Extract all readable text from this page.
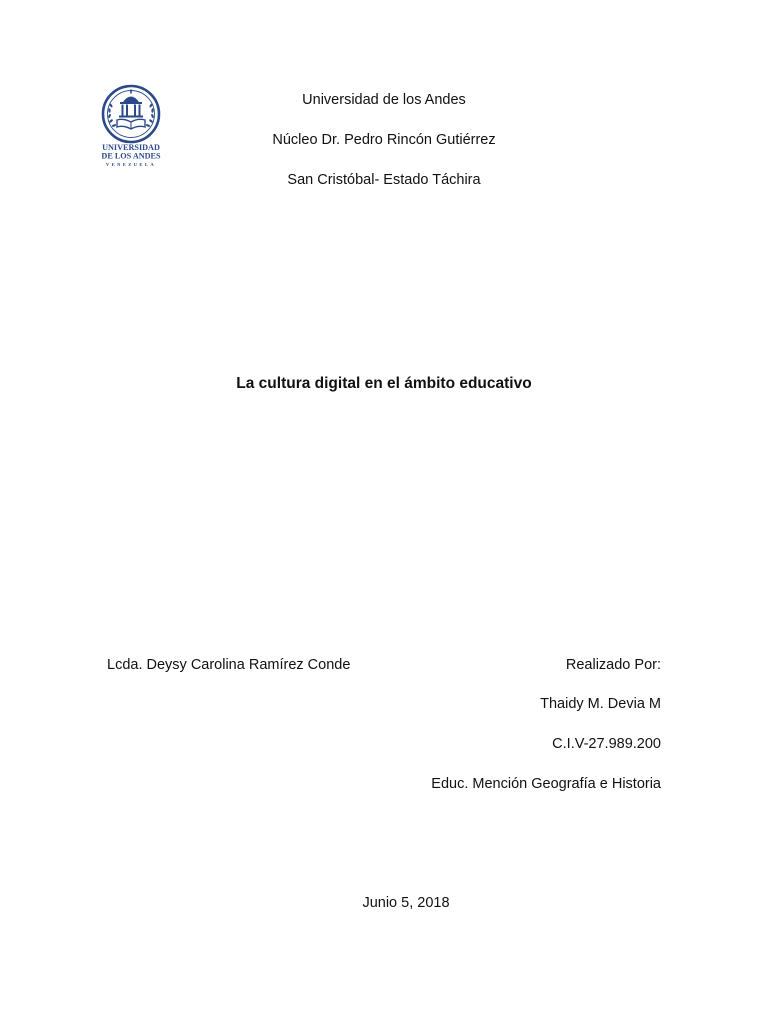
UNIVERSIDAD
DE LOS ANDES
VENEZUELA
Universidad de los Andes
Núcleo Dr. Pedro Rincón Gutiérrez
San Cristóbal- Estado Táchira
La cultura digital en el ámbito educativo
Lcda. Deysy Carolina Ramírez Conde	Realizado Por:
Thaidy M. Devia M
C.I.V-27.989.200
Educ. Mención Geografía e Historia
Junio 5, 2018
